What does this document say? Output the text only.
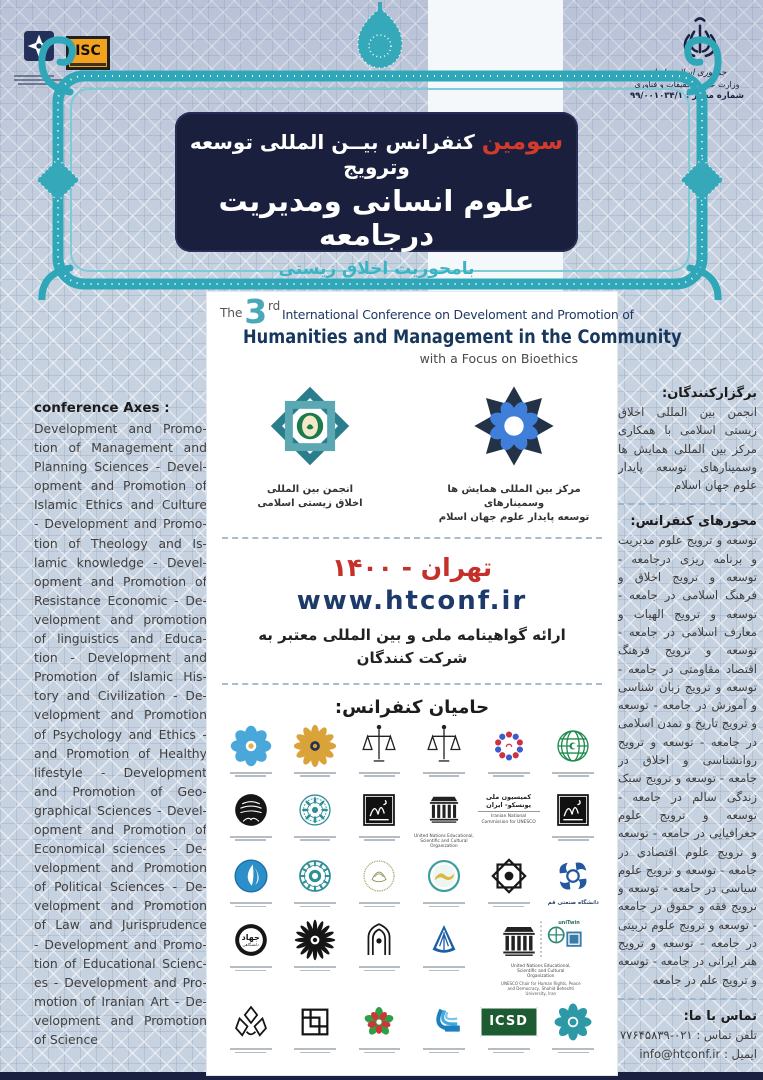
ISC
جمهوری اسلامی ایران
وزارت علوم، تحقیقات و فناوری
شماره مجوز : ۹۹/۰۰۱۰۳۴/۱
سومین کنفرانس بیــن المللی توسعه وترویج
علوم انسانی ومدیریت درجامعه
بامحوریت اخلاق زیستی
The3rdInternational Conference on Develoment and Promotion of
Humanities and Management in the Community
with a Focus on Bioethics
انجمن بین المللی
اخلاق زیستی اسلامی
مرکز بین المللی همایش ها وسمینارهای
توسعه پایدار علوم جهان اسلام
تهران - ۱۴۰۰
www.htconf.ir
ارائه گواهینامه ملی و بین المللی معتبر به
شرکت کنندگان
حامیان کنفرانس:
United Nations Educational, Scientific and Cultural Organization
کمیسیون ملی یونسکو- ایران
Iranian National Commission for UNESCO
دانشگاه صنعتی قم
جهاد
دانشگاهی
uniTwin
United Nations Educational, Scientific and Cultural Organization
UNESCO Chair for Human Rights, Peace and Democracy, Shahid Beheshti University, Iran
ICSD
conference Axes :
Development and Promo-
tion of Management and
Planning Sciences - Devel-
opment and Promotion of
Islamic Ethics and Culture
- Development and Promo-
tion of Theology and Is-
lamic knowledge - Devel-
opment and Promotion of
Resistance Economic - De-
velopment and promotion
of linguistics and Educa-
tion - Development and
Promotion of Islamic His-
tory and Civilization - De-
velopment and Promotion
of Psychology and Ethics -
and Promotion of Healthy
lifestyle - Development
and Promotion of Geo-
graphical Sciences - Devel-
opment and Promotion of
Economical sciences - De-
velopment and Promotion
of Political Sciences - De-
velopment and Promotion
of Law and Jurisprudence
- Development and Promo-
tion of Educational Scienc-
es - Development and Pro-
motion of Iranian Art - De-
velopment and Promotion
of Science
برگزارکنندگان:
انجمن بین المللی اخلاق زیستی اسلامی با همکاری مرکز بین المللی همایش ها وسمینارهای توسعه پایدار علوم جهان اسلام
محورهای کنفرانس:
توسعه و ترویج علوم مدیریت و برنامه ریزی درجامعه - توسعه و ترویج اخلاق و فرهنگ اسلامی در جامعه - توسعه و ترویج الهیات و معارف اسلامی در جامعه - توسعه و ترویج فرهنگ اقتصاد مقاومتی در جامعه - توسعه و ترویج زبان شناسی و آموزش در جامعه - توسعه و ترویج تاریخ و تمدن اسلامی در جامعه - توسعه و ترویج روانشناسی و اخلاق در جامعه - توسعه و ترویج سبک زندگی سالم در جامعه - توسعه و ترویج علوم جغرافیایی در جامعه - توسعه و ترویج علوم اقتصادی در جامعه - توسعه و ترویج علوم سیاسی در جامعه - توسعه و ترویج فقه و حقوق در جامعه - توسعه و ترویج علوم تربیتی در جامعه - توسعه و ترویج هنر ایرانی در جامعه - توسعه و ترویج علم در جامعه
تماس با ما:
تلفن تماس : ۰۲۱-۷۷۶۴۵۸۳۹
ایمیل : info@htconf.ir
